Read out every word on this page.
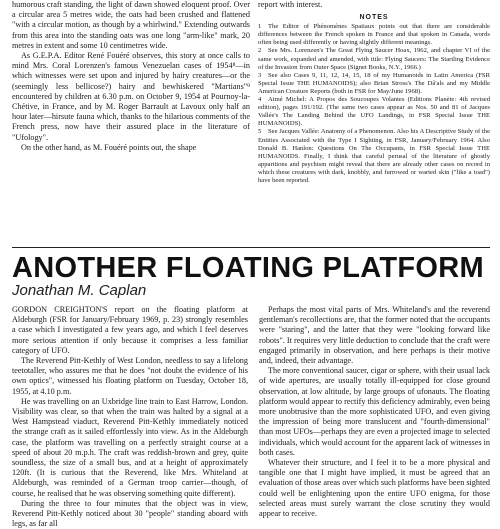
humorous craft standing, the light of dawn showed eloquent proof. Over a circular area 5 metres wide, the oats had been crushed and flattened "with a circular motion, as though by a whirlwind." Extending outwards from this area into the standing oats was one long "arm-like" mark, 20 metres in extent and some 10 centimetres wide.

As G.E.P.A. Editor René Fouéré observes, this story at once calls to mind Mrs. Coral Lorenzen's famous Venezuelan cases of 1954⁸—in which witnesses were set upon and injured by hairy creatures—or the (seemingly less bellicose?) hairy and bewhiskered "Martians"⁹ encountered by children at 6.30 p.m. on October 9, 1954 at Pournoy-la-Chétive, in France, and by M. Roger Barrault at Lavoux only half an hour later—hirsute fauna which, thanks to the hilarious comments of the French press, now have their assured place in the literature of "Ufology".

On the other hand, as M. Fouéré points out, the shape

report with interest.

NOTES

1 The Editor of Phénomènes Spatiaux points out that there are considerable differences between the French spoken in France and that spoken in Canada, words often being used differently or having slightly different meanings.

2 See Mrs. Lorenzen's The Great Flying Saucer Hoax, 1962, and chapter VI of the same work, expanded and amended, with title: Flying Saucers: The Startling Evidence of the Invasion from Outer Space (Signet Books, N.Y., 1966.)

3 See also Cases 9, 11, 12, 14, 15, 18 of my Humanoids in Latin America (FSR Special Issue THE HUMANOIDS); also Brian Stross's The Dâ'als and my Middle American Creature Reports (both in FSR for May/June 1968).

4 Aimé Michel: A Propos des Soucoupes Volantes (Editions Planète: 4th revised edition), pages 191/192. (The same two cases appear as Nos. 50 and 81 of Jacques Vallée's The Landing Behind the UFO Landings, in FSR Special Issue THE HUMANOIDS).

5 See Jacques Vallée: Anatomy of a Phenomenon. Also his A Descriptive Study of the Entities Associated with the Type I Sighting, in FSR, January/February 1964. Also Donald B. Hanlon: Questions On The Occupants, in FSR Special Issue THE HUMANOIDS. Finally, I think that careful perusal of the literature of ghostly apparitions and psychism might reveal that there are already other cases on record in which these creatures with dark, knobbly, and furrowed or warted skin ("like a toad") have been reported.

ANOTHER FLOATING PLATFORM
Jonathan M. Caplan

GORDON CREIGHTON'S report on the floating platform at Aldeburgh (FSR for January/February 1969, p. 23) strongly resembles a case which I investigated a few years ago, and which I feel deserves more serious attention if only because it comprises a less familiar category of UFO.

The Reverend Pitt-Kethly of West London, needless to say a lifelong teetotaller, who assures me that he does "not doubt the evidence of his own optics", witnessed his floating platform on Tuesday, October 18, 1955, at 4.10 p.m.

He was travelling on an Uxbridge line train to East Harrow, London. Visibility was clear, so that when the train was halted by a signal at a West Hampstead viaduct, Reverend Pitt-Kethly immediately noticed the strange craft as it sailed effortlessly into view. As in the Aldeburgh case, the platform was travelling on a perfectly straight course at a speed of about 20 m.p.h. The craft was reddish-brown and grey, quite soundless, the size of a small bus, and at a height of approximately 120ft. (It is curious that the Reverend, like Mrs. Whiteland at Aldeburgh, was reminded of a German troop carrier—though, of course, he realised that he was observing something quite different).

During the three to four minutes that the object was in view, Reverend Pitt-Kethly noticed about 30 "people" standing aboard with legs, as far all

Perhaps the most vital parts of Mrs. Whiteland's and the reverend gentleman's recollections are, that the former noted that the occupants were "staring", and the latter that they were "looking forward like robots". It requires very little deduction to conclude that the craft were engaged primarily in observation, and here perhaps is their motive and, indeed, their advantage.

The more conventional saucer, cigar or sphere, with their usual lack of wide apertures, are usually totally ill-equipped for close ground observation, at low altitude, by large groups of ufonauts. The floating platform would appear to rectify this deficiency admirably, even being more unobtrusive than the more sophisticated UFO, and even giving the impression of being more translucent and "fourth-dimensional" than most UFOs—perhaps they are even a projected image to selected individuals, which would account for the apparent lack of witnesses in both cases.

Whatever their structure, and I feel it to be a more physical and tangible one that I might have implied, it must be agreed that an evaluation of those areas over which such platforms have been sighted could well be enlightening upon the entire UFO enigma, for those selected areas must surely warrant the close scrutiny they would appear to receive.
